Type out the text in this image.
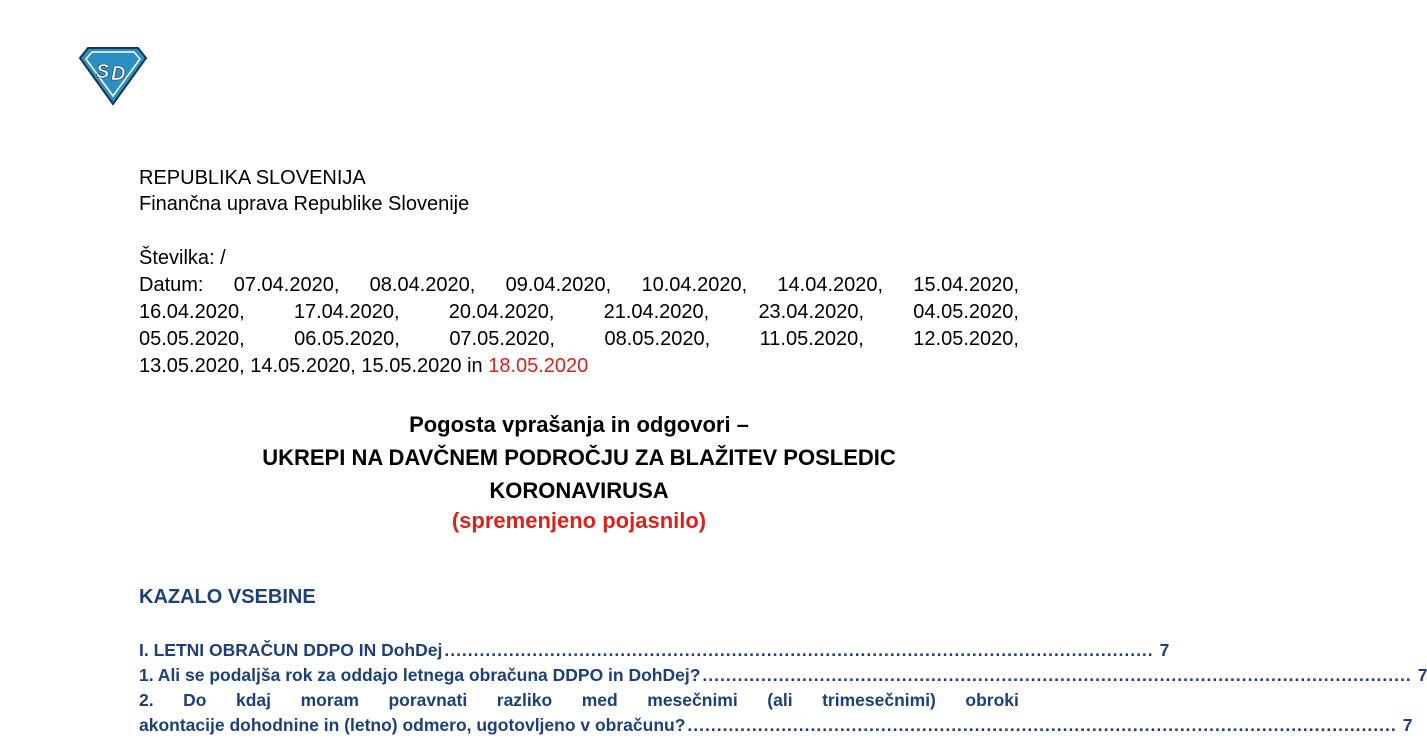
S D
REPUBLIKA SLOVENIJA
Finančna uprava Republike Slovenije
Številka: /
Datum: 07.04.2020, 08.04.2020, 09.04.2020, 10.04.2020, 14.04.2020, 15.04.2020,
16.04.2020, 17.04.2020, 20.04.2020, 21.04.2020, 23.04.2020, 04.05.2020,
05.05.2020, 06.05.2020, 07.05.2020, 08.05.2020, 11.05.2020, 12.05.2020,
13.05.2020, 14.05.2020, 15.05.2020 in 18.05.2020
Pogosta vprašanja in odgovori –
UKREPI NA DAVČNEM PODROČJU ZA BLAŽITEV POSLEDIC
KORONAVIRUSA
(spremenjeno pojasnilo)
KAZALO VSEBINE
I. LETNI OBRAČUN DDPO IN DohDej ......................................................................................................................... 7
1. Ali se podaljša rok za oddajo letnega obračuna DDPO in DohDej? ......................................................................................................................... 7
2. Do kdaj moram poravnati razliko med mesečnimi (ali trimesečnimi) obroki
akontacije dohodnine in (letno) odmero, ugotovljeno v obračunu? ......................................................................................................................... 7
